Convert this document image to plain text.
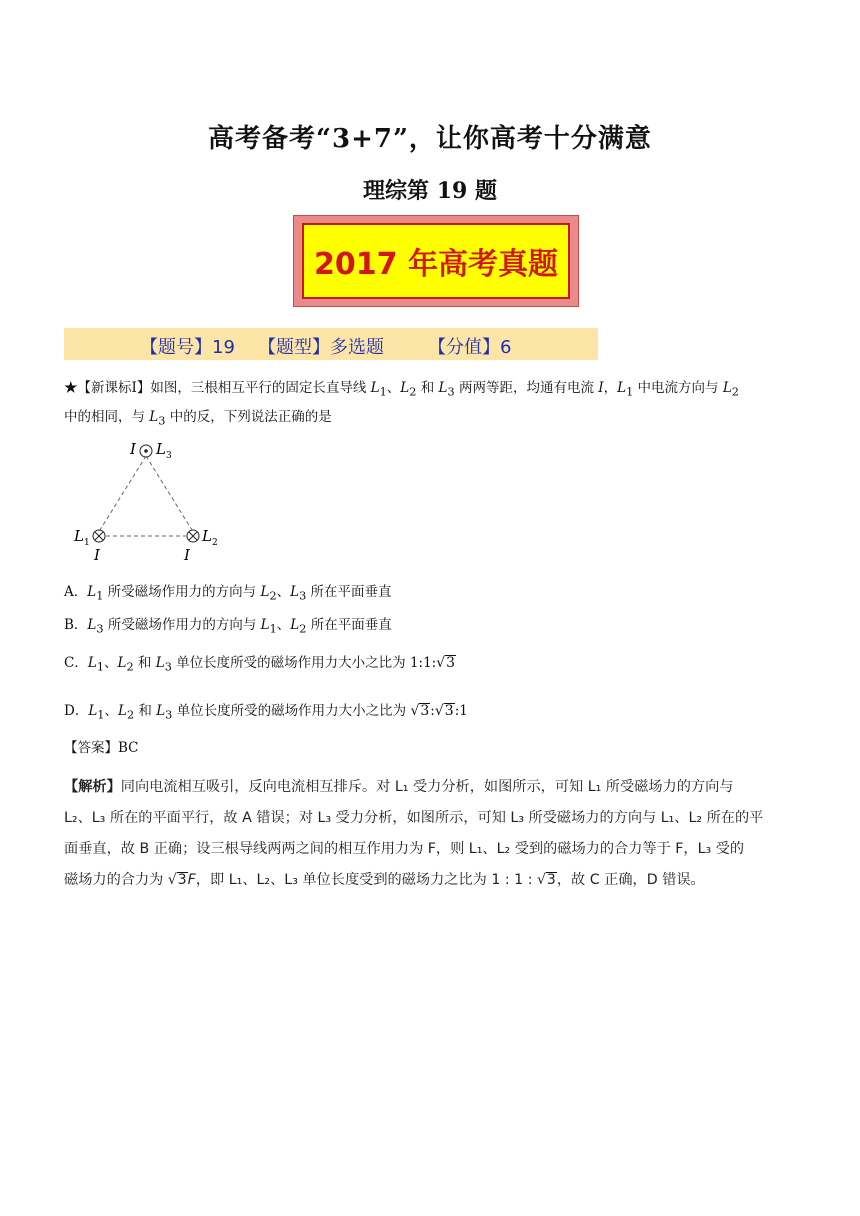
高考备考“3+7”，让你高考十分满意
理综第 19 题
2017 年高考真题
【题号】19 【题型】多选题 【分值】6
★【新课标Ⅰ】如图，三根相互平行的固定长直导线 $L_1$、$L_2$ 和 $L_3$ 两两等距，均通有电流 I，$L_1$ 中电流方向与 $L_2$
中的相同，与 $L_3$ 中的反，下列说法正确的是
I L 3
L 1
I
L 2
I
A．$L_1$ 所受磁场作用力的方向与 $L_2$、$L_3$ 所在平面垂直
B．$L_3$ 所受磁场作用力的方向与 $L_1$、$L_2$ 所在平面垂直
C．$L_1$、$L_2$ 和 $L_3$ 单位长度所受的磁场作用力大小之比为 1:1:√3
D．$L_1$、$L_2$ 和 $L_3$ 单位长度所受的磁场作用力大小之比为 √3:√3:1
【答案】BC
【解析】同向电流相互吸引，反向电流相互排斥。对 L₁ 受力分析，如图所示，可知 L₁ 所受磁场力的方向与
L₂、L₃ 所在的平面平行，故 A 错误；对 L₃ 受力分析，如图所示，可知 L₃ 所受磁场力的方向与 L₁、L₂ 所在的平
面垂直，故 B 正确；设三根导线两两之间的相互作用力为 F，则 L₁、L₂ 受到的磁场力的合力等于 F，L₃ 受的
磁场力的合力为 √3F，即 L₁、L₂、L₃ 单位长度受到的磁场力之比为 1 : 1 : √3，故 C 正确，D 错误。
